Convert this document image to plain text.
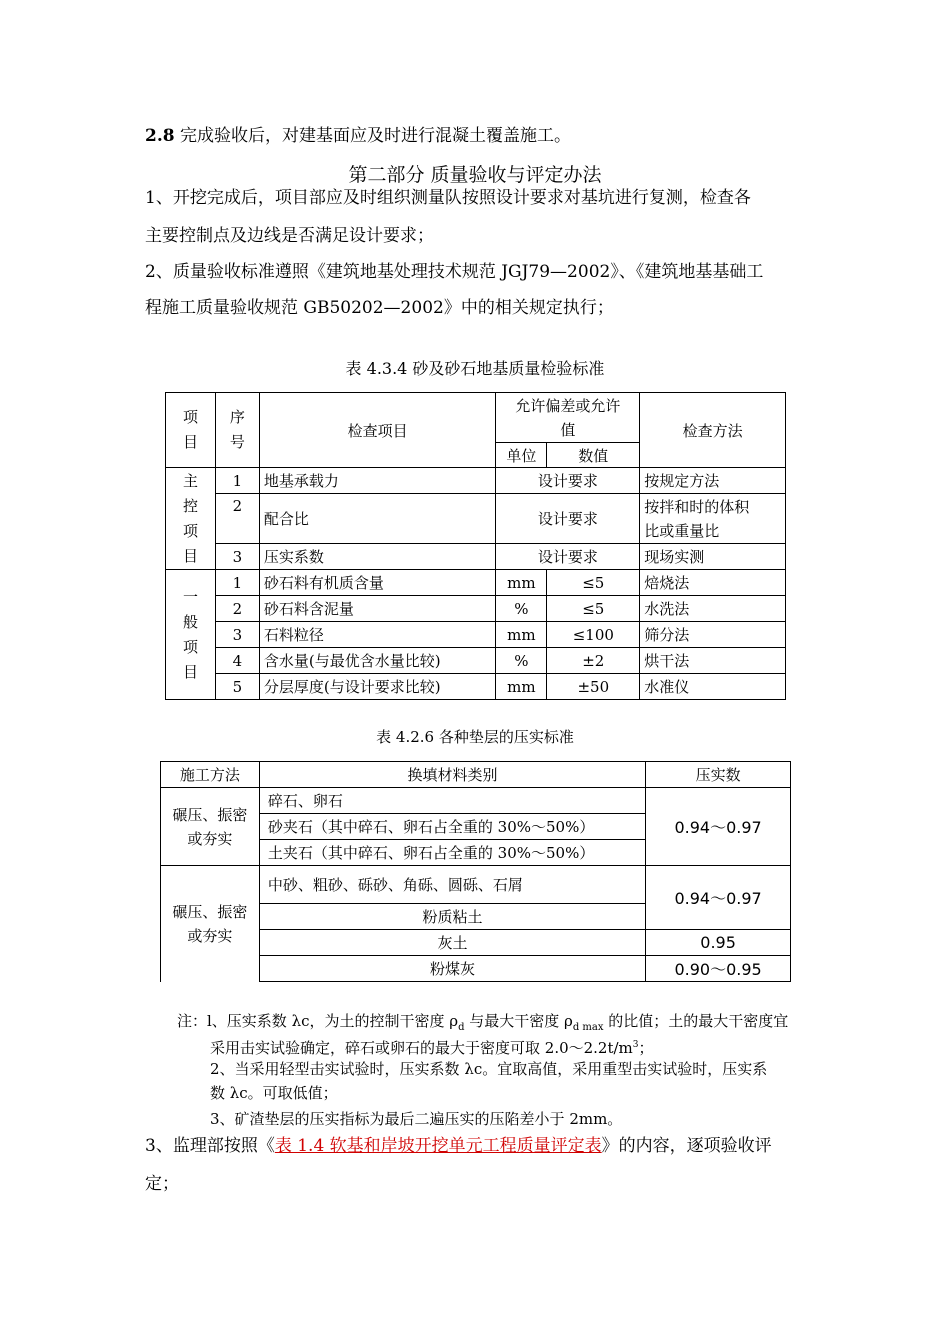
2.8 完成验收后，对建基面应及时进行混凝土覆盖施工。
第二部分 质量验收与评定办法
1、开挖完成后，项目部应及时组织测量队按照设计要求对基坑进行复测，检查各
主要控制点及边线是否满足设计要求；
2、质量验收标准遵照《建筑地基处理技术规范 JGJ79—2002》、《建筑地基基础工
程施工质量验收规范 GB50202—2002》中的相关规定执行；
表 4.3.4 砂及砂石地基质量检验标准
项
目	序
号	检查项目	允许偏差或允许
值		检查方法
			单位	数值	
主
控
项
目	1	地基承载力	设计要求		按规定方法
	2	配合比	设计要求		按拌和时的体积
比或重量比
	3	压实系数	设计要求		现场实测
一
般
项
目	1	砂石料有机质含量	mm	≤5	焙烧法
	2	砂石料含泥量	%	≤5	水洗法
	3	石料粒径	mm	≤100	筛分法
	4	含水量(与最优含水量比较)	%	±2	烘干法
	5	分层厚度(与设计要求比较)	mm	±50	水准仪
表 4.2.6 各种垫层的压实标准
施工方法	换填材料类别	压实数
碾压、振密
或夯实	碎石、卵石	0.94～0.97
	砂夹石（其中碎石、卵石占全重的 30%～50%）	
	土夹石（其中碎石、卵石占全重的 30%～50%）	
碾压、振密
或夯实	中砂、粗砂、砾砂、角砾、圆砾、石屑	0.94～0.97
	粉质粘土	
	灰土	0.95
	粉煤灰	0.90～0.95
注：l、压实系数 λc，为土的控制干密度 $\rho_d$ 与最大干密度 $\rho_{d max}$ 的比值；土的最大干密度宜
采用击实试验确定，碎石或卵石的最大于密度可取 $2.0\sim 2.2t/m^3$；
2、当采用轻型击实试验时，压实系数 λc。宜取高值，采用重型击实试验时，压实系
数 λc。可取低值；
3、矿渣垫层的压实指标为最后二遍压实的压陷差小于 2mm。
3、监理部按照《表 1.4 软基和岸坡开挖单元工程质量评定表》的内容，逐项验收评
定；
